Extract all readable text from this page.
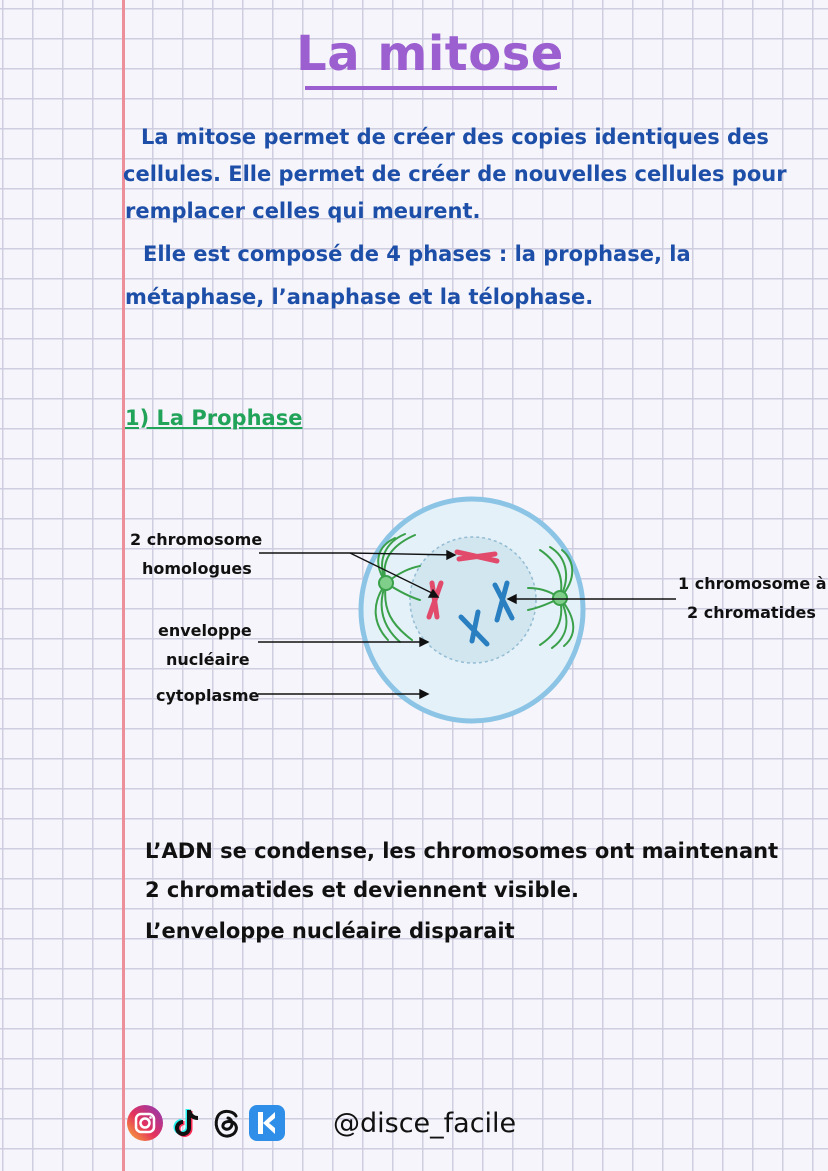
La mitose
La mitose permet de créer des copies identiques des
cellules. Elle permet de créer de nouvelles cellules pour
remplacer celles qui meurent.
Elle est composé de 4 phases : la prophase, la
métaphase, l’anaphase et la télophase.
1) La Prophase
2 chromosome
homologues
enveloppe
nucléaire
cytoplasme
1 chromosome à
2 chromatides
L’ADN se condense, les chromosomes ont maintenant
2 chromatides et deviennent visible.
L’enveloppe nucléaire disparait
@disce_facile
